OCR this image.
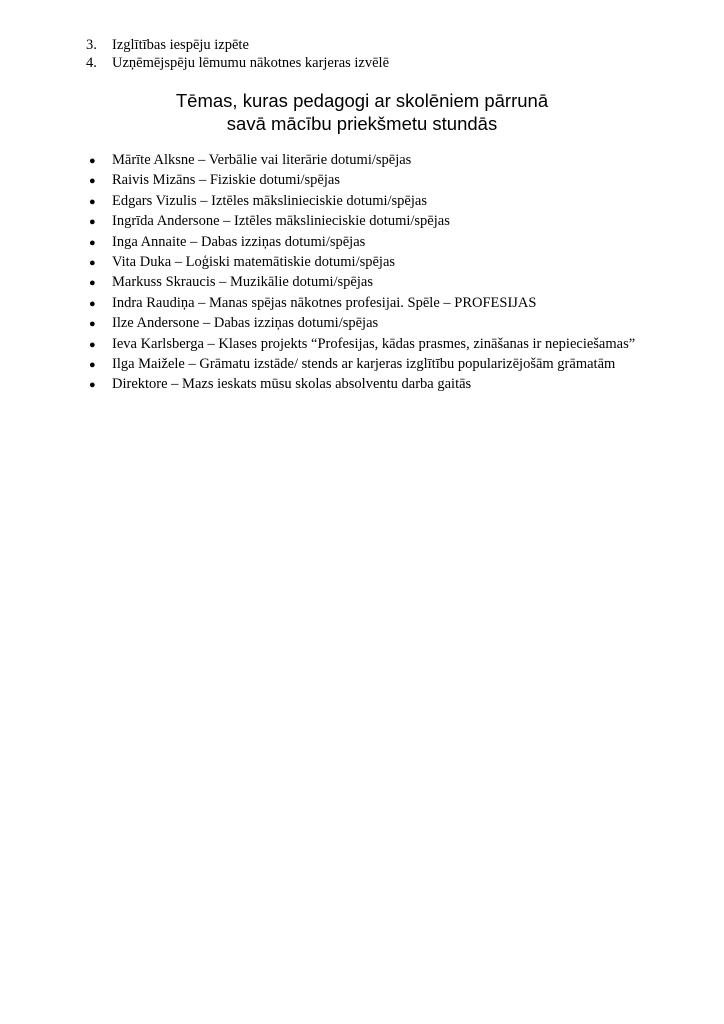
3.	Izglītības iespēju izpēte
4.	Uzņēmējspēju lēmumu nākotnes karjeras izvēlē
Tēmas, kuras pedagogi ar skolēniem pārrunā
savā mācību priekšmetu stundās
●	Mārīte Alksne – Verbālie vai literārie dotumi/spējas
●	Raivis Mizāns – Fiziskie dotumi/spējas
●	Edgars Vizulis – Iztēles mākslinieciskie dotumi/spējas
●	Ingrīda Andersone – Iztēles mākslinieciskie dotumi/spējas
●	Inga Annaite – Dabas izziņas dotumi/spējas
●	Vita Duka – Loģiski matemātiskie dotumi/spējas
●	Markuss Skraucis – Muzikālie dotumi/spējas
●	Indra Raudiņa – Manas spējas nākotnes profesijai. Spēle – PROFESIJAS
●	Ilze Andersone – Dabas izziņas dotumi/spējas
●	Ieva Karlsberga – Klases projekts “Profesijas, kādas prasmes, zināšanas ir nepieciešamas”
●	Ilga Maižele – Grāmatu izstāde/ stends ar karjeras izglītību popularizējošām grāmatām
●	Direktore – Mazs ieskats mūsu skolas absolventu darba gaitās
